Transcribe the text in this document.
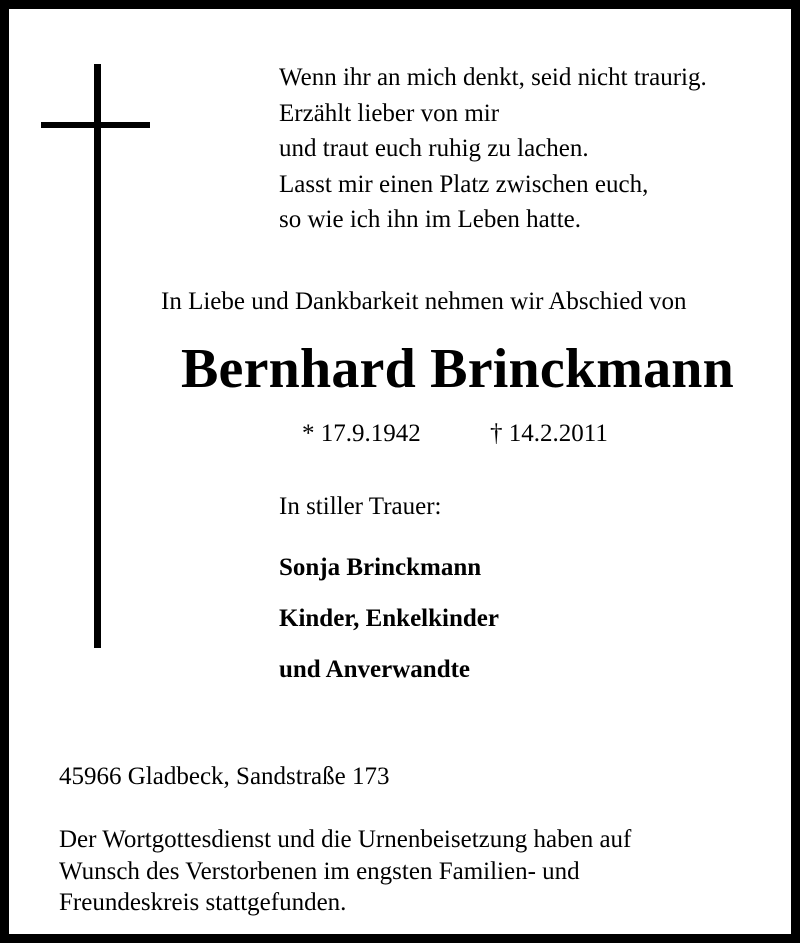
Wenn ihr an mich denkt, seid nicht traurig.
Erzählt lieber von mir
und traut euch ruhig zu lachen.
Lasst mir einen Platz zwischen euch,
so wie ich ihn im Leben hatte.
In Liebe und Dankbarkeit nehmen wir Abschied von
Bernhard Brinckmann
* 17.9.1942	† 14.2.2011
In stiller Trauer:
Sonja Brinckmann
Kinder, Enkelkinder
und Anverwandte
45966 Gladbeck, Sandstraße 173
Der Wortgottesdienst und die Urnenbeisetzung haben auf
Wunsch des Verstorbenen im engsten Familien- und
Freundeskreis stattgefunden.
